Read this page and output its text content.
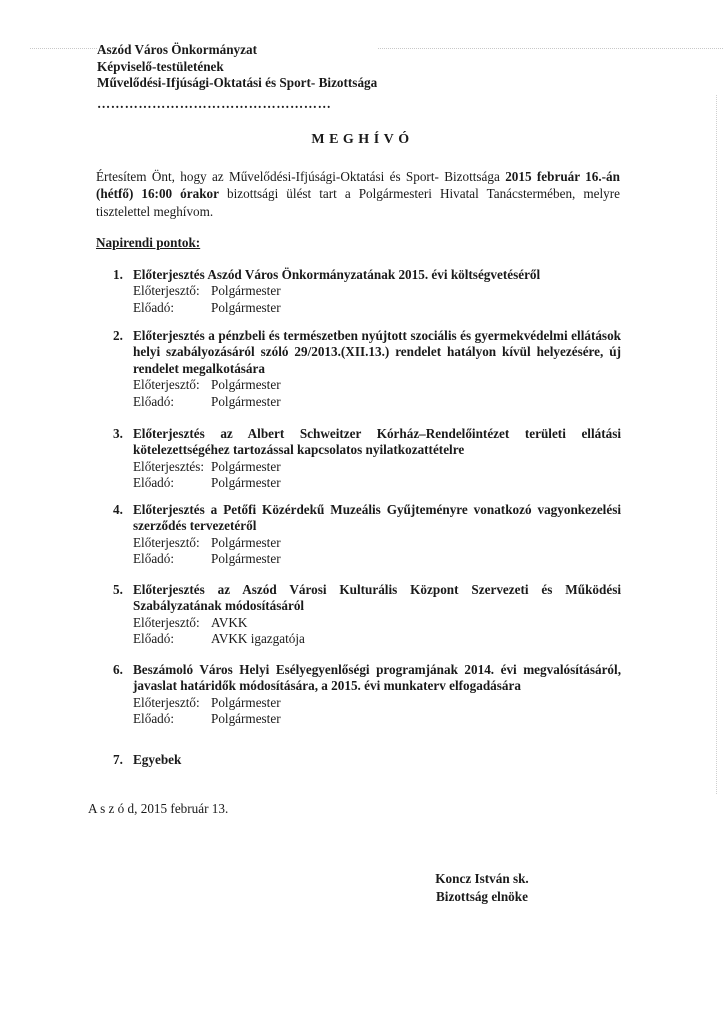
Aszód Város Önkormányzat
Képviselő-testületének
Művelődési-Ifjúsági-Oktatási és Sport- Bizottsága
……………………………………………
MEGHÍVÓ
Értesítem Önt, hogy az Művelődési-Ifjúsági-Oktatási és Sport- Bizottsága 2015 február 16.-án (hétfő) 16:00 órakor bizottsági ülést tart a Polgármesteri Hivatal Tanácstermében, melyre tisztelettel meghívom.
Napirendi pontok:
1. Előterjesztés Aszód Város Önkormányzatának 2015. évi költségvetéséről
Előterjesztő: Polgármester
Előadó:	Polgármester
2. Előterjesztés a pénzbeli és természetben nyújtott szociális és gyermekvédelmi ellátások helyi szabályozásáról szóló 29/2013.(XII.13.) rendelet hatályon kívül helyezésére, új rendelet megalkotására
Előterjesztő: Polgármester
Előadó:	Polgármester
3. Előterjesztés az Albert Schweitzer Kórház–Rendelőintézet területi ellátási kötelezettségéhez tartozással kapcsolatos nyilatkozattételre
Előterjesztés: Polgármester
Előadó:	Polgármester
4. Előterjesztés a Petőfi Közérdekű Muzeális Gyűjteményre vonatkozó vagyonkezelési szerződés tervezetéről
Előterjesztő: Polgármester
Előadó:	Polgármester
5. Előterjesztés az Aszód Városi Kulturális Központ Szervezeti és Működési Szabályzatának módosításáról
Előterjesztő: AVKK
Előadó:	AVKK igazgatója
6. Beszámoló Város Helyi Esélyegyenlőségi programjának 2014. évi megvalósításáról, javaslat határidők módosítására, a 2015. évi munkaterv elfogadására
Előterjesztő: Polgármester
Előadó:	Polgármester
7. Egyebek
A s z ó d, 2015 február 13.
Koncz István sk.
Bizottság elnöke
